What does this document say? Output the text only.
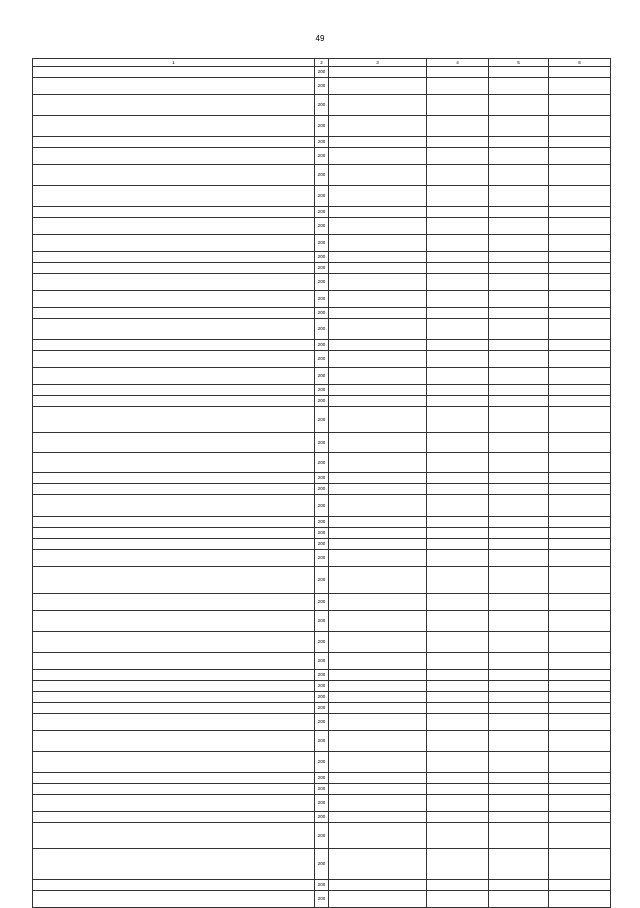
49
1	2	3	4	5	6
	200				
	200				
	200				
	200				
	200				
	200				
	200				
	200				
	200				
	200				
	200				
	200				
	200				
	200				
	200				
	200				
	200				
	200				
	200				
	200				
	200				
	200				
	200				
	200				
	200				
	200				
	200				
	200				
	200				
	200				
	200				
	200				
	200				
	200				
	200				
	200				
	200				
	200				
	200				
	200				
	200				
	200				
	200				
	200				
	200				
	200				
	200				
	200				
	200				
	200				
	200				
	200				
